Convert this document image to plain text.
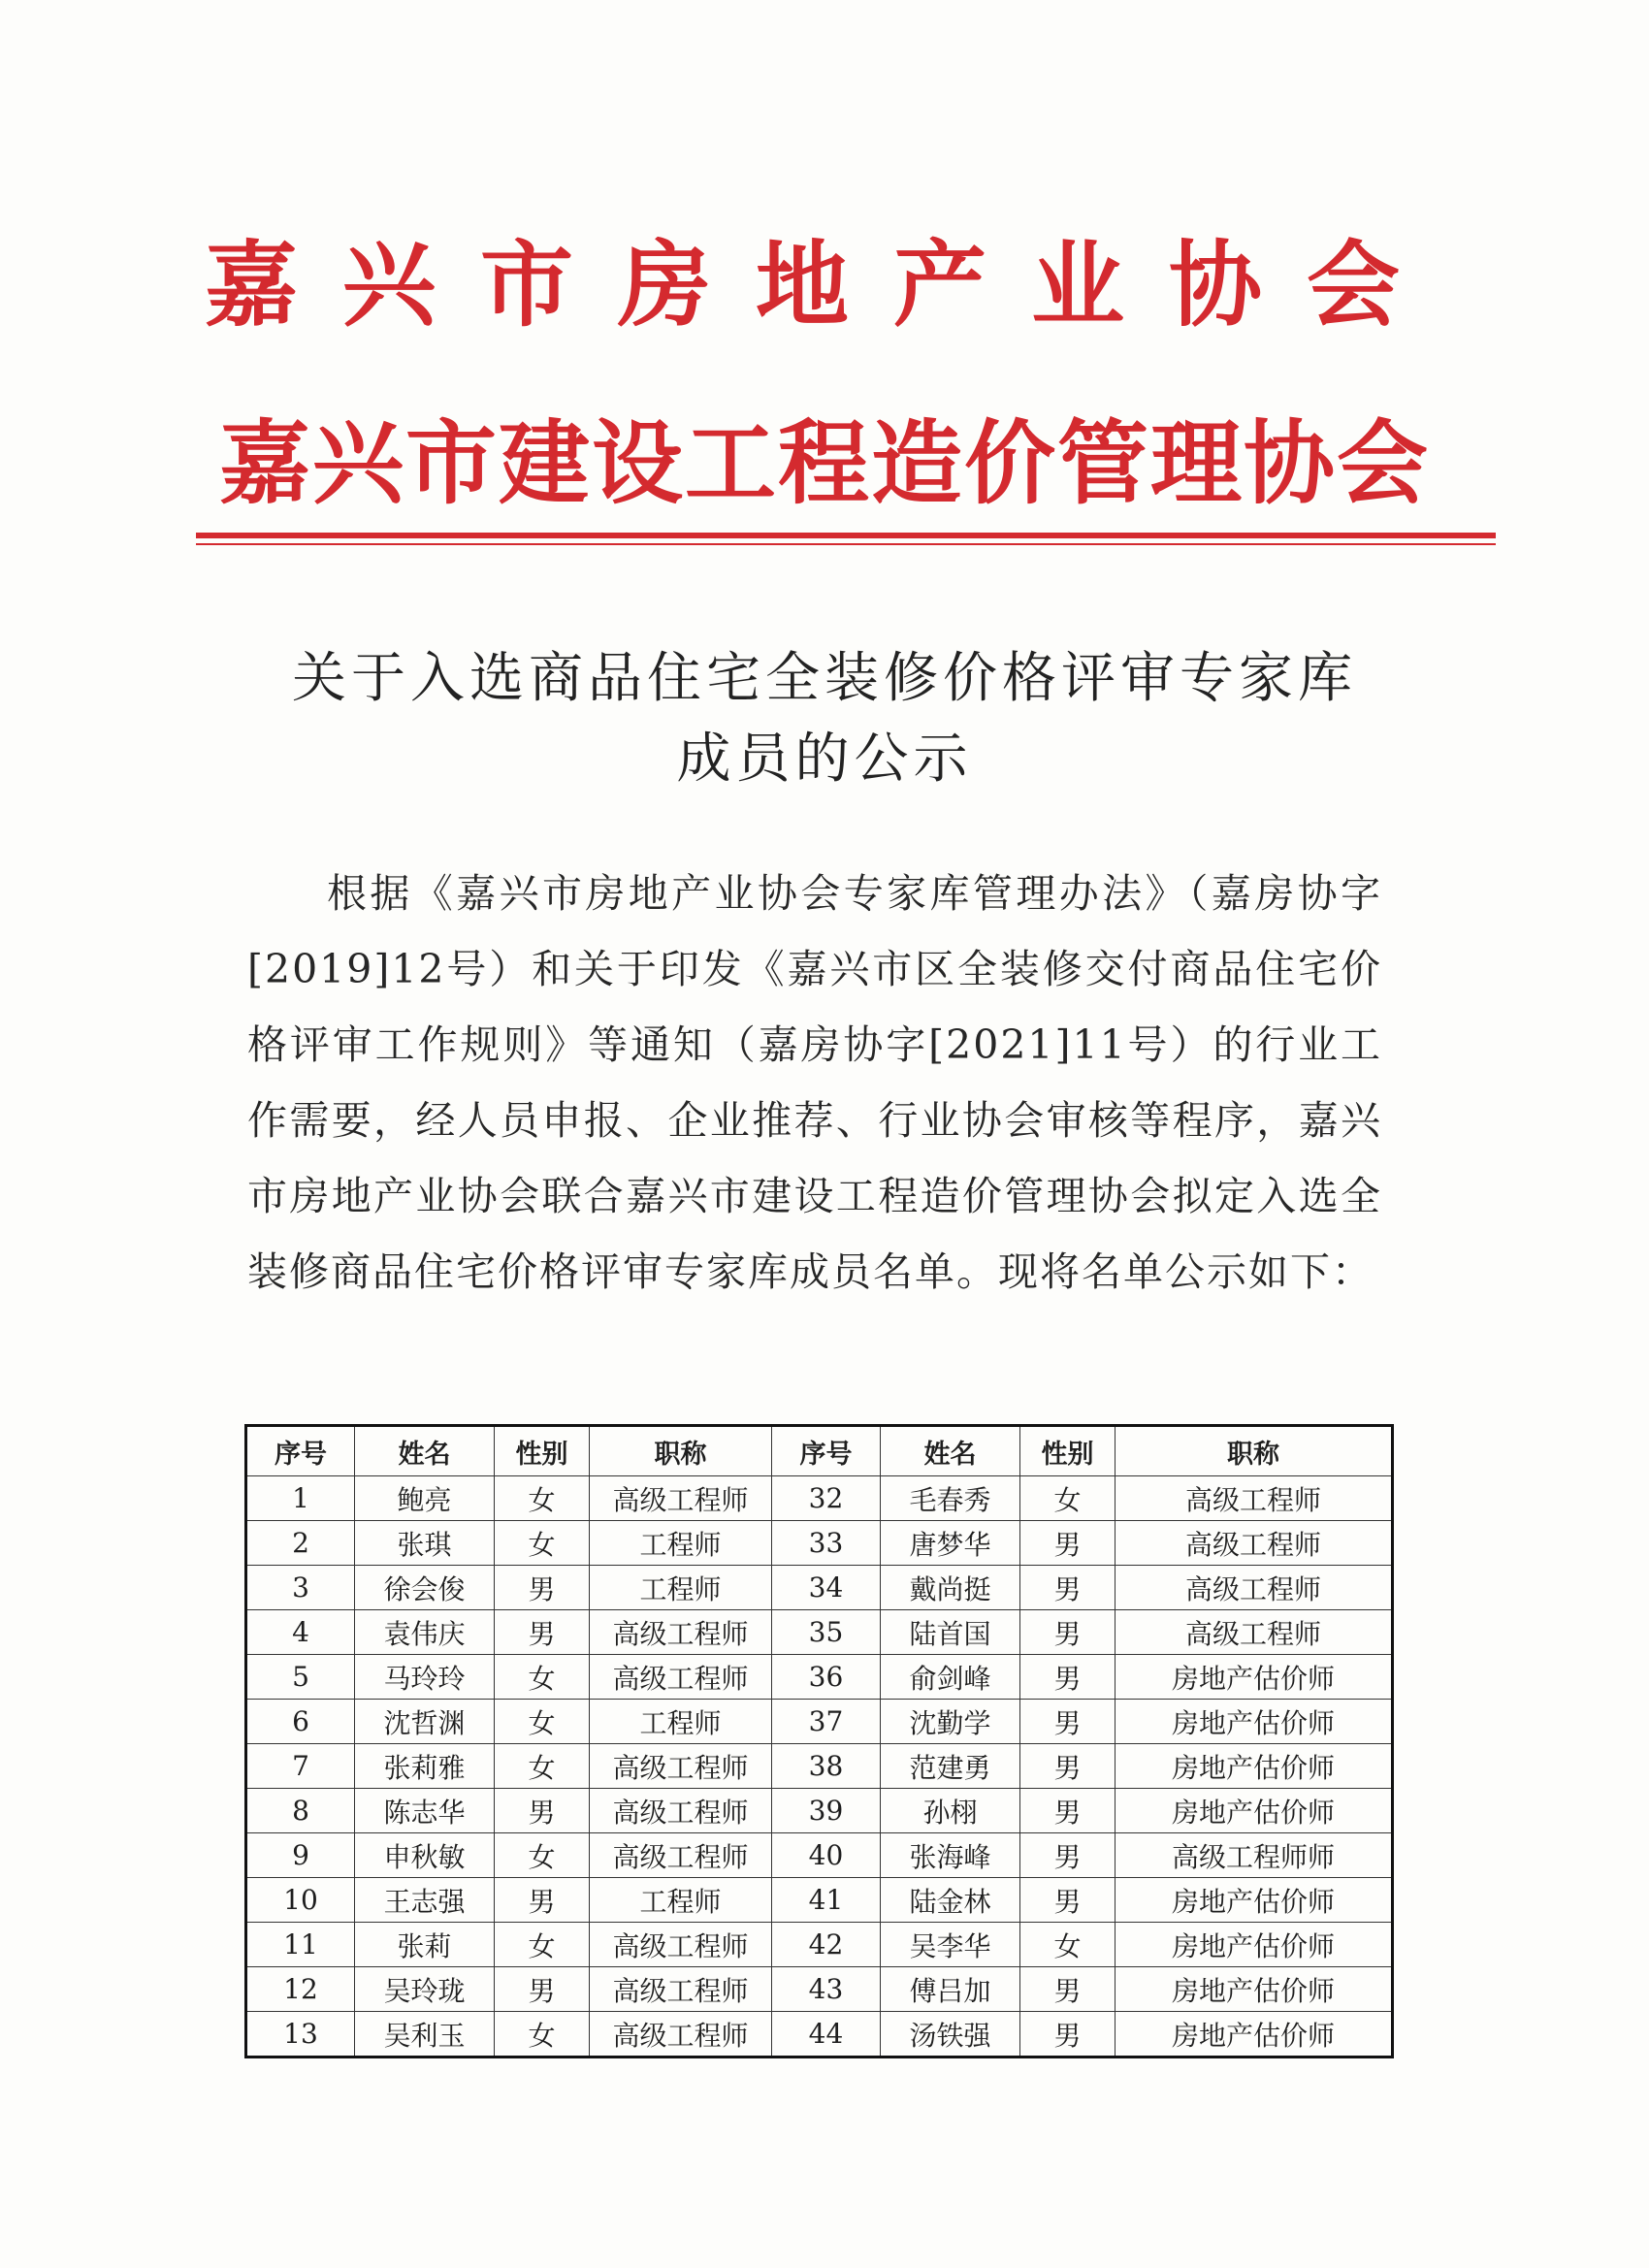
嘉兴市房地产业协会
嘉兴市建设工程造价管理协会
关于入选商品住宅全装修价格评审专家库
成员的公示

根据《嘉兴市房地产业协会专家库管理办法》（嘉房协字[2019]12号）和关于印发《嘉兴市区全装修交付商品住宅价格评审工作规则》等通知（嘉房协字[2021]11号）的行业工作需要，经人员申报、企业推荐、行业协会审核等程序，嘉兴市房地产业协会联合嘉兴市建设工程造价管理协会拟定入选全装修商品住宅价格评审专家库成员名单。现将名单公示如下：

序号	姓名	性别	职称	序号	姓名	性别	职称
1	鲍亮	女	高级工程师	32	毛春秀	女	高级工程师
2	张琪	女	工程师	33	唐梦华	男	高级工程师
3	徐会俊	男	工程师	34	戴尚挺	男	高级工程师
4	袁伟庆	男	高级工程师	35	陆首国	男	高级工程师
5	马玲玲	女	高级工程师	36	俞剑峰	男	房地产估价师
6	沈哲渊	女	工程师	37	沈勤学	男	房地产估价师
7	张莉雅	女	高级工程师	38	范建勇	男	房地产估价师
8	陈志华	男	高级工程师	39	孙栩	男	房地产估价师
9	申秋敏	女	高级工程师	40	张海峰	男	高级工程师师
10	王志强	男	工程师	41	陆金林	男	房地产估价师
11	张莉	女	高级工程师	42	吴李华	女	房地产估价师
12	吴玲珑	男	高级工程师	43	傅吕加	男	房地产估价师
13	吴利玉	女	高级工程师	44	汤铁强	男	房地产估价师
